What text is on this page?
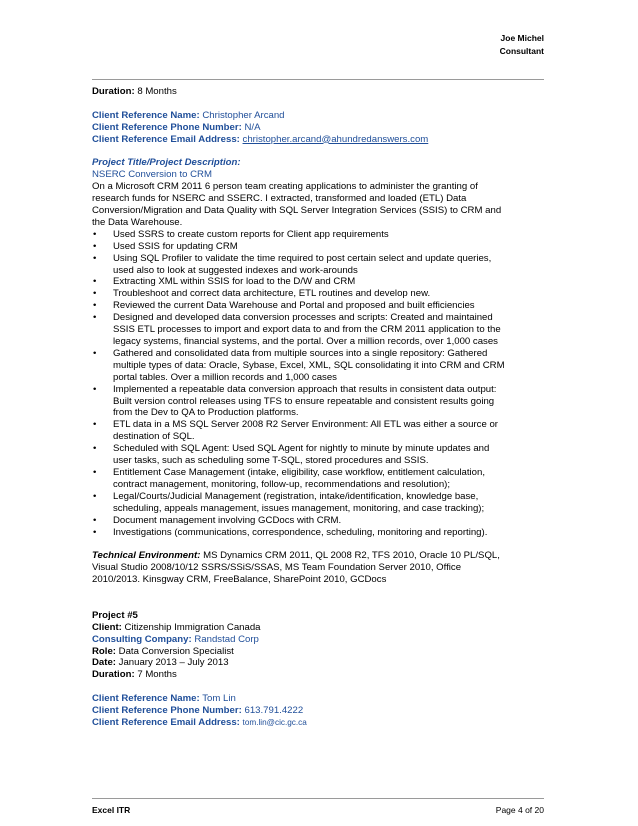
Joe Michel
Consultant
Duration: 8 Months
Client Reference Name: Christopher Arcand
Client Reference Phone Number: N/A
Client Reference Email Address: christopher.arcand@ahundredanswers.com
Project Title/Project Description:
NSERC Conversion to CRM
On a Microsoft CRM 2011 6 person team creating applications to administer the granting of
research funds for NSERC and SSERC. I extracted, transformed and loaded (ETL) Data
Conversion/Migration and Data Quality with SQL Server Integration Services (SSIS) to CRM and
the Data Warehouse.
• Used SSRS to create custom reports for Client app requirements
• Used SSIS for updating CRM
• Using SQL Profiler to validate the time required to post certain select and update queries,
used also to look at suggested indexes and work-arounds
• Extracting XML within SSIS for load to the D/W and CRM
• Troubleshoot and correct data architecture, ETL routines and develop new.
• Reviewed the current Data Warehouse and Portal and proposed and built efficiencies
• Designed and developed data conversion processes and scripts: Created and maintained
SSIS ETL processes to import and export data to and from the CRM 2011 application to the
legacy systems, financial systems, and the portal. Over a million records, over 1,000 cases
• Gathered and consolidated data from multiple sources into a single repository: Gathered
multiple types of data: Oracle, Sybase, Excel, XML, SQL consolidating it into CRM and CRM
portal tables. Over a million records and 1,000 cases
• Implemented a repeatable data conversion approach that results in consistent data output:
Built version control releases using TFS to ensure repeatable and consistent results going
from the Dev to QA to Production platforms.
• ETL data in a MS SQL Server 2008 R2 Server Environment: All ETL was either a source or
destination of SQL.
• Scheduled with SQL Agent: Used SQL Agent for nightly to minute by minute updates and
user tasks, such as scheduling some T-SQL, stored procedures and SSIS.
• Entitlement Case Management (intake, eligibility, case workflow, entitlement calculation,
contract management, monitoring, follow-up, recommendations and resolution);
• Legal/Courts/Judicial Management (registration, intake/identification, knowledge base,
scheduling, appeals management, issues management, monitoring, and case tracking);
• Document management involving GCDocs with CRM.
• Investigations (communications, correspondence, scheduling, monitoring and reporting).
Technical Environment: MS Dynamics CRM 2011, QL 2008 R2, TFS 2010, Oracle 10 PL/SQL,
Visual Studio 2008/10/12 SSRS/SSiS/SSAS, MS Team Foundation Server 2010, Office
2010/2013. Kinsgway CRM, FreeBalance, SharePoint 2010, GCDocs
Project #5
Client: Citizenship Immigration Canada
Consulting Company: Randstad Corp
Role: Data Conversion Specialist
Date: January 2013 – July 2013
Duration: 7 Months
Client Reference Name: Tom Lin
Client Reference Phone Number: 613.791.4222
Client Reference Email Address: tom.lin@cic.gc.ca
Excel ITR	Page 4 of 20
